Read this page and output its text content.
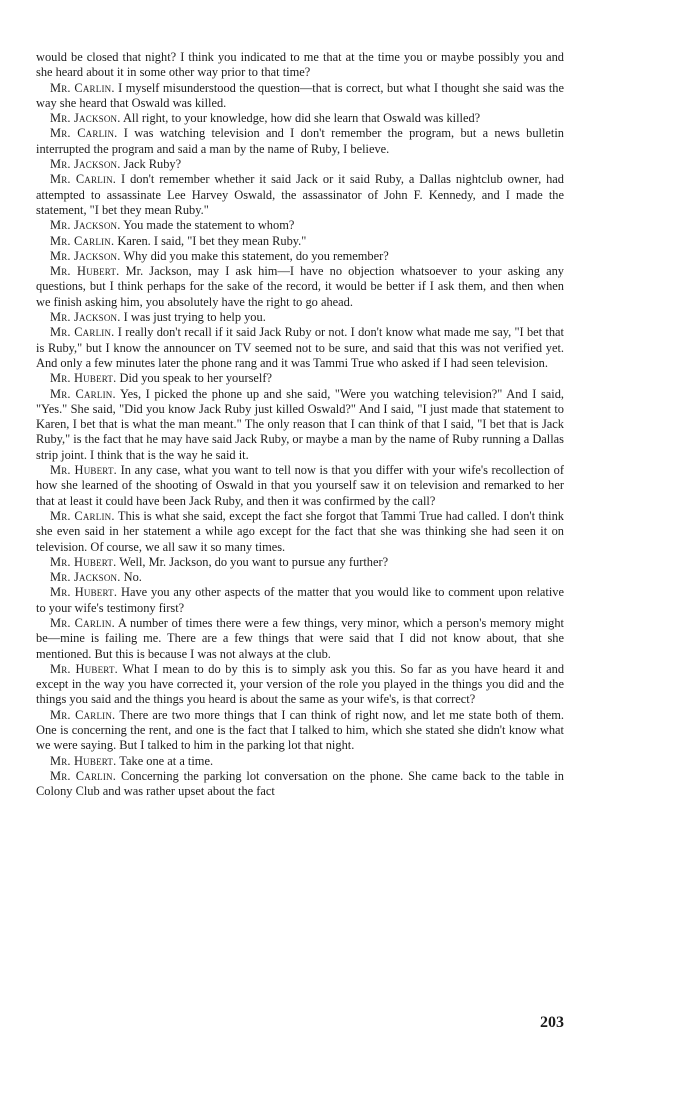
would be closed that night? I think you indicated to me that at the time you or maybe possibly you and she heard about it in some other way prior to that time?

Mr. Carlin. I myself misunderstood the question—that is correct, but what I thought she said was the way she heard that Oswald was killed.

Mr. Jackson. All right, to your knowledge, how did she learn that Oswald was killed?

Mr. Carlin. I was watching television and I don't remember the program, but a news bulletin interrupted the program and said a man by the name of Ruby, I believe.

Mr. Jackson. Jack Ruby?

Mr. Carlin. I don't remember whether it said Jack or it said Ruby, a Dallas nightclub owner, had attempted to assassinate Lee Harvey Oswald, the assassinator of John F. Kennedy, and I made the statement, "I bet they mean Ruby."

Mr. Jackson. You made the statement to whom?

Mr. Carlin. Karen. I said, "I bet they mean Ruby."

Mr. Jackson. Why did you make this statement, do you remember?

Mr. Hubert. Mr. Jackson, may I ask him—I have no objection whatsoever to your asking any questions, but I think perhaps for the sake of the record, it would be better if I ask them, and then when we finish asking him, you absolutely have the right to go ahead.

Mr. Jackson. I was just trying to help you.

Mr. Carlin. I really don't recall if it said Jack Ruby or not. I don't know what made me say, "I bet that is Ruby," but I know the announcer on TV seemed not to be sure, and said that this was not verified yet. And only a few minutes later the phone rang and it was Tammi True who asked if I had seen television.

Mr. Hubert. Did you speak to her yourself?

Mr. Carlin. Yes, I picked the phone up and she said, "Were you watching television?" And I said, "Yes." She said, "Did you know Jack Ruby just killed Oswald?" And I said, "I just made that statement to Karen, I bet that is what the man meant." The only reason that I can think of that I said, "I bet that is Jack Ruby," is the fact that he may have said Jack Ruby, or maybe a man by the name of Ruby running a Dallas strip joint. I think that is the way he said it.

Mr. Hubert. In any case, what you want to tell now is that you differ with your wife's recollection of how she learned of the shooting of Oswald in that you yourself saw it on television and remarked to her that at least it could have been Jack Ruby, and then it was confirmed by the call?

Mr. Carlin. This is what she said, except the fact she forgot that Tammi True had called. I don't think she even said in her statement a while ago except for the fact that she was thinking she had seen it on television. Of course, we all saw it so many times.

Mr. Hubert. Well, Mr. Jackson, do you want to pursue any further?

Mr. Jackson. No.

Mr. Hubert. Have you any other aspects of the matter that you would like to comment upon relative to your wife's testimony first?

Mr. Carlin. A number of times there were a few things, very minor, which a person's memory might be—mine is failing me. There are a few things that were said that I did not know about, that she mentioned. But this is because I was not always at the club.

Mr. Hubert. What I mean to do by this is to simply ask you this. So far as you have heard it and except in the way you have corrected it, your version of the role you played in the things you did and the things you said and the things you heard is about the same as your wife's, is that correct?

Mr. Carlin. There are two more things that I can think of right now, and let me state both of them. One is concerning the rent, and one is the fact that I talked to him, which she stated she didn't know what we were saying. But I talked to him in the parking lot that night.

Mr. Hubert. Take one at a time.

Mr. Carlin. Concerning the parking lot conversation on the phone. She came back to the table in Colony Club and was rather upset about the fact

203
